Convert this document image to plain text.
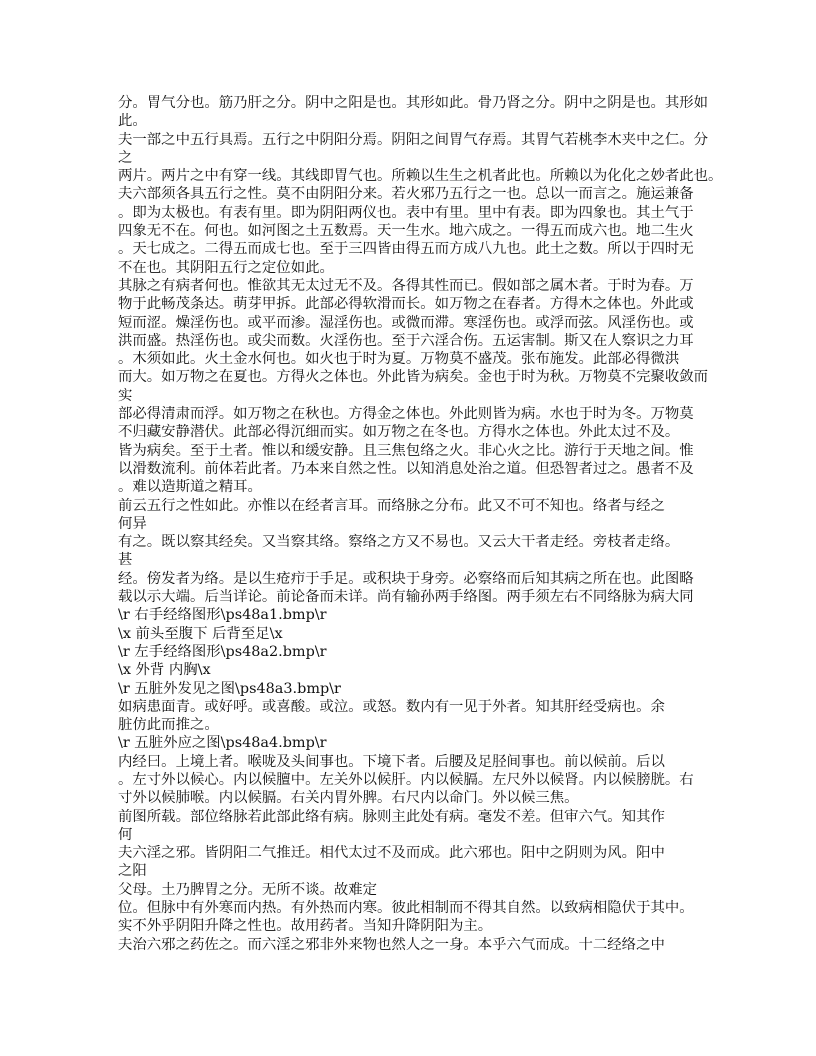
分。胃气分也。筋乃肝之分。阴中之阳是也。其形如此。骨乃肾之分。阴中之阴是也。其形如
此。
夫一部之中五行具焉。五行之中阴阳分焉。阴阳之间胃气存焉。其胃气若桃李木夹中之仁。分
之
两片。两片之中有穿一线。其线即胃气也。所赖以生生之机者此也。所赖以为化化之妙者此也。
夫六部须各具五行之性。莫不由阴阳分来。若火邪乃五行之一也。总以一而言之。施运兼备
。即为太极也。有表有里。即为阴阳两仪也。表中有里。里中有表。即为四象也。其土气于
四象无不在。何也。如河图之土五数焉。天一生水。地六成之。一得五而成六也。地二生火
。天七成之。二得五而成七也。至于三四皆由得五而方成八九也。此土之数。所以于四时无
不在也。其阴阳五行之定位如此。
其脉之有病者何也。惟欲其无太过无不及。各得其性而已。假如部之属木者。于时为春。万
物于此畅茂条达。萌芽甲拆。此部必得软滑而长。如万物之在春者。方得木之体也。外此或
短而涩。燥淫伤也。或平而渗。湿淫伤也。或微而滞。寒淫伤也。或浮而弦。风淫伤也。或
洪而盛。热淫伤也。或尖而数。火淫伤也。至于六淫合伤。五运害制。斯又在人察识之力耳
。木须如此。火土金水何也。如火也于时为夏。万物莫不盛茂。张布施发。此部必得微洪
而大。如万物之在夏也。方得火之体也。外此皆为病矣。金也于时为秋。万物莫不完聚收敛而
实
部必得清肃而浮。如万物之在秋也。方得金之体也。外此则皆为病。水也于时为冬。万物莫
不归藏安静潜伏。此部必得沉细而实。如万物之在冬也。方得水之体也。外此太过不及。
皆为病矣。至于土者。惟以和缓安静。且三焦包络之火。非心火之比。游行于天地之间。惟
以滑数流利。前体若此者。乃本来自然之性。以知消息处治之道。但恐智者过之。愚者不及
。难以造斯道之精耳。
前云五行之性如此。亦惟以在经者言耳。而络脉之分布。此又不可不知也。络者与经之
何异
有之。既以察其经矣。又当察其络。察络之方又不易也。又云大干者走经。旁枝者走络。
甚
经。傍发者为络。是以生疮疖于手足。或积块于身旁。必察络而后知其病之所在也。此图略
载以示大端。后当详论。前论备而未详。尚有输孙两手络图。两手须左右不同络脉为病大同
\r 右手经络图形\ps48a1.bmp\r
\x 前头至腹下 后背至足\x
\r 左手经络图形\ps48a2.bmp\r
\x 外背 内胸\x
\r 五脏外发见之图\ps48a3.bmp\r
如病患面青。或好呼。或喜酸。或泣。或怒。数内有一见于外者。知其肝经受病也。余
脏仿此而推之。
\r 五脏外应之图\ps48a4.bmp\r
内经曰。上境上者。喉咙及头间事也。下境下者。后腰及足胫间事也。前以候前。后以
。左寸外以候心。内以候膻中。左关外以候肝。内以候膈。左尺外以候肾。内以候膀胱。右
寸外以候肺喉。内以候膈。右关内胃外脾。右尺内以命门。外以候三焦。
前图所载。部位络脉若此部此络有病。脉则主此处有病。毫发不差。但审六气。知其作
何
夫六淫之邪。皆阴阳二气推迁。相代太过不及而成。此六邪也。阳中之阴则为风。阳中
之阳
父母。土乃脾胃之分。无所不谈。故难定
位。但脉中有外寒而内热。有外热而内寒。彼此相制而不得其自然。以致病相隐伏于其中。
实不外乎阴阳升降之性也。故用药者。当知升降阴阳为主。
夫治六邪之药佐之。而六淫之邪非外来物也然人之一身。本乎六气而成。十二经络之中
